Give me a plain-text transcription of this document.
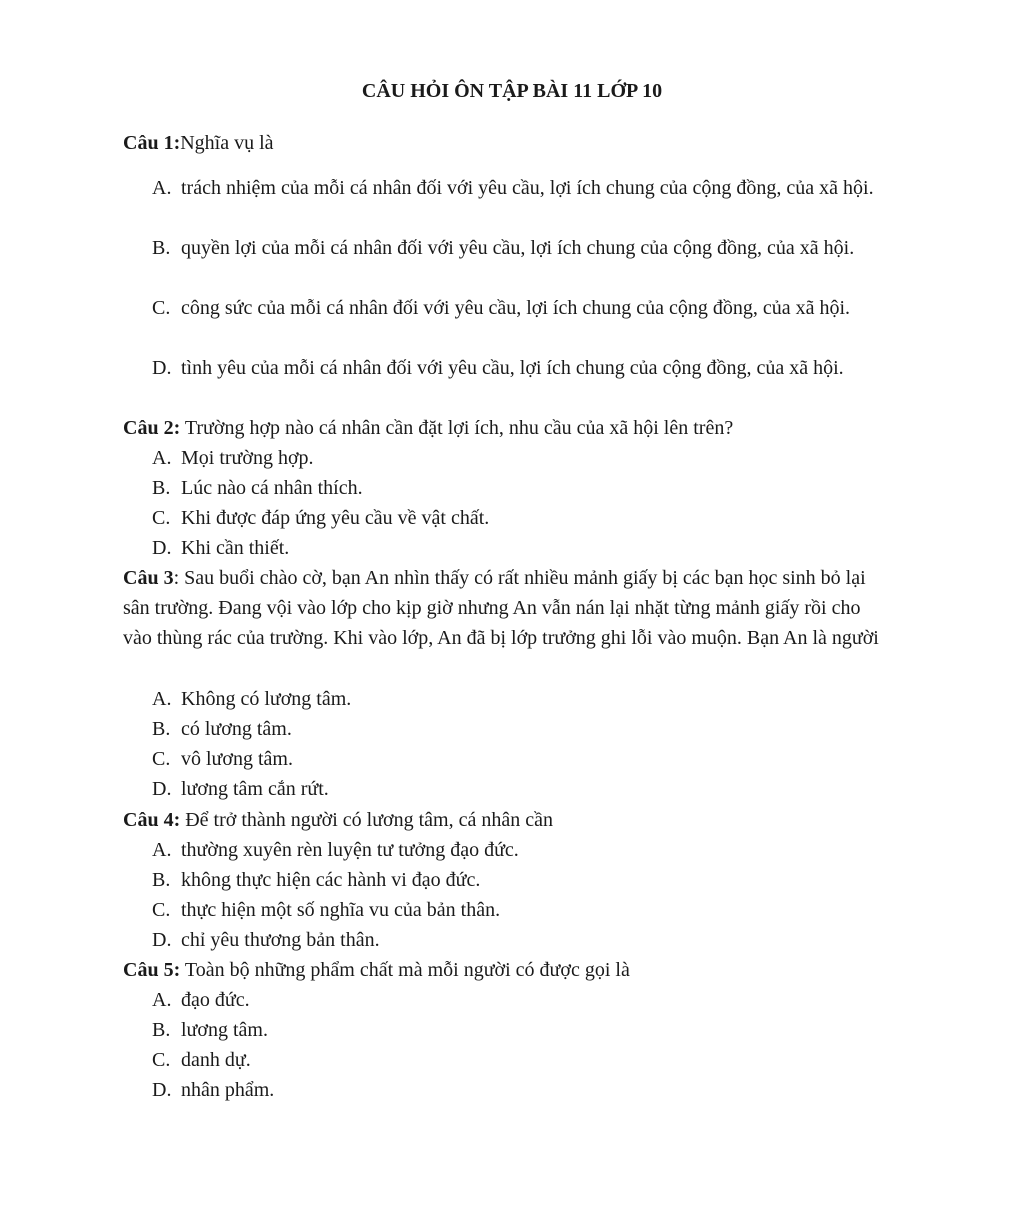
CÂU HỎI ÔN TẬP BÀI 11 LỚP 10
Câu 1:Nghĩa vụ là
A. trách nhiệm của mỗi cá nhân đối với yêu cầu, lợi ích chung của cộng đồng, của xã hội.
B. quyền lợi của mỗi cá nhân đối với yêu cầu, lợi ích chung của cộng đồng, của xã hội.
C. công sức của mỗi cá nhân đối với yêu cầu, lợi ích chung của cộng đồng, của xã hội.
D. tình yêu của mỗi cá nhân đối với yêu cầu, lợi ích chung của cộng đồng, của xã hội.
Câu 2: Trường hợp nào cá nhân cần đặt lợi ích, nhu cầu của xã hội lên trên?
A. Mọi trường hợp.
B. Lúc nào cá nhân thích.
C. Khi được đáp ứng yêu cầu về vật chất.
D. Khi cần thiết.
Câu 3: Sau buổi chào cờ, bạn An nhìn thấy có rất nhiều mảnh giấy bị các bạn học sinh bỏ lại sân trường. Đang vội vào lớp cho kịp giờ nhưng An vẫn nán lại nhặt từng mảnh giấy rồi cho vào thùng rác của trường. Khi vào lớp, An đã bị lớp trưởng ghi lỗi vào muộn. Bạn An là người
A. Không có lương tâm.
B. có lương tâm.
C. vô lương tâm.
D. lương tâm cắn rứt.
Câu 4: Để trở thành người có lương tâm, cá nhân cần
A. thường xuyên rèn luyện tư tưởng đạo đức.
B. không thực hiện các hành vi đạo đức.
C. thực hiện một số nghĩa vu của bản thân.
D. chỉ yêu thương bản thân.
Câu 5: Toàn bộ những phẩm chất mà mỗi người có được gọi là
A. đạo đức.
B. lương tâm.
C. danh dự.
D. nhân phẩm.
